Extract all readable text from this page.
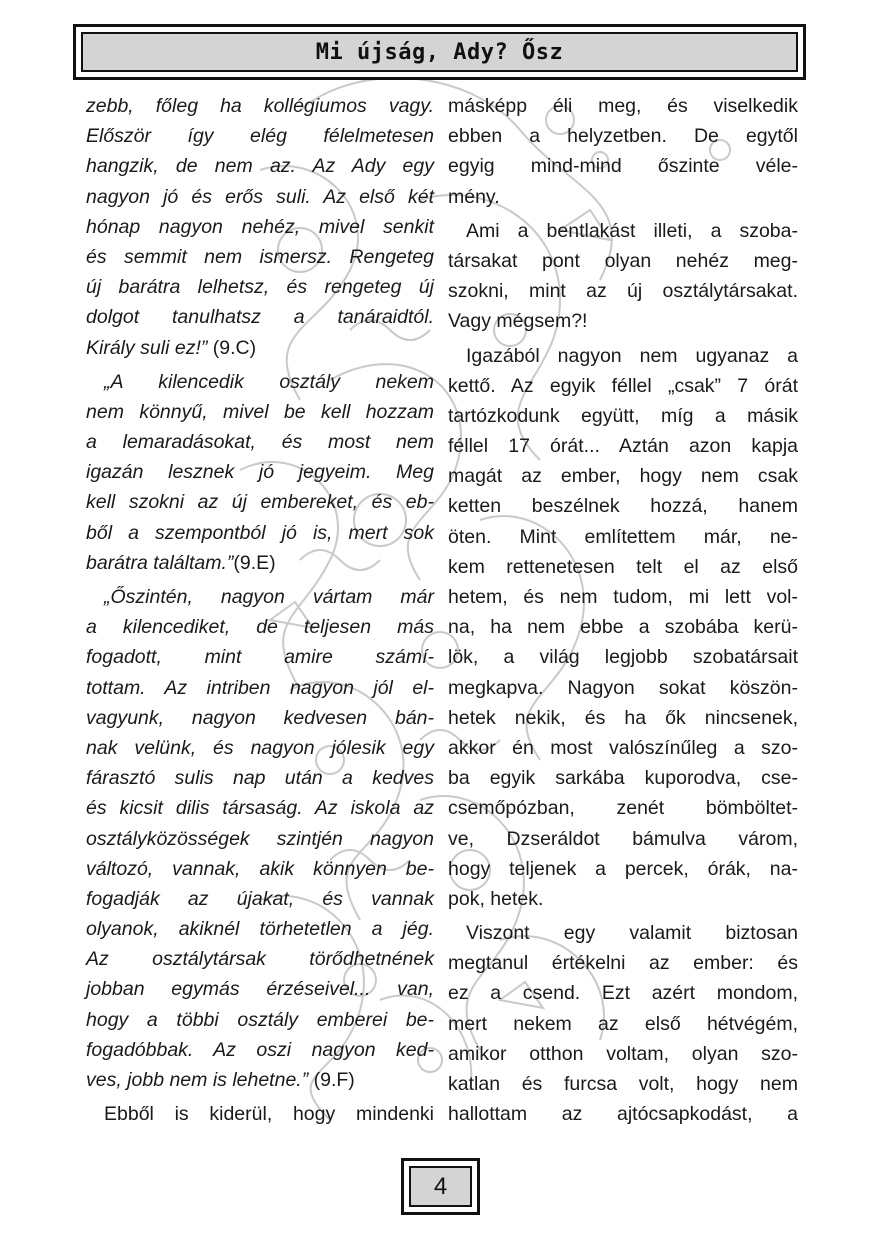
Mi újság, Ady? Ősz
zebb, főleg ha kollégiumos vagy.
Először így elég félelmetesen
hangzik, de nem az. Az Ady egy
nagyon jó és erős suli. Az első két
hónap nagyon nehéz, mivel senkit
és semmit nem ismersz. Rengeteg
új barátra lelhetsz, és rengeteg új
dolgot tanulhatsz a tanáraidtól.
Király suli ez!” (9.C)
„A kilencedik osztály nekem
nem könnyű, mivel be kell hozzam
a lemaradásokat, és most nem
igazán lesznek jó jegyeim. Meg
kell szokni az új embereket, és eb-
ből a szempontból jó is, mert sok
barátra találtam.”(9.E)
„Őszintén, nagyon vártam már
a kilencediket, de teljesen más
fogadott, mint amire számí-
tottam. Az intriben nagyon jól el-
vagyunk, nagyon kedvesen bán-
nak velünk, és nagyon jólesik egy
fárasztó sulis nap után a kedves
és kicsit dilis társaság. Az iskola az
osztályközösségek szintjén nagyon
változó, vannak, akik könnyen be-
fogadják az újakat, és vannak
olyanok, akiknél törhetetlen a jég.
Az osztálytársak törődhetnének
jobban egymás érzéseivel... van,
hogy a többi osztály emberei be-
fogadóbbak. Az oszi nagyon ked-
ves, jobb nem is lehetne.” (9.F)
Ebből is kiderül, hogy mindenki
másképp éli meg, és viselkedik
ebben a helyzetben. De egytől
egyig mind-mind őszinte véle-
mény.
Ami a bentlakást illeti, a szoba-
társakat pont olyan nehéz meg-
szokni, mint az új osztálytársakat.
Vagy mégsem?!
Igazából nagyon nem ugyanaz a
kettő. Az egyik féllel „csak” 7 órát
tartózkodunk együtt, míg a másik
féllel 17 órát... Aztán azon kapja
magát az ember, hogy nem csak
ketten beszélnek hozzá, hanem
öten. Mint említettem már, ne-
kem rettenetesen telt el az első
hetem, és nem tudom, mi lett vol-
na, ha nem ebbe a szobába kerü-
lök, a világ legjobb szobatársait
megkapva. Nagyon sokat köszön-
hetek nekik, és ha ők nincsenek,
akkor én most valószínűleg a szo-
ba egyik sarkába kuporodva, cse-
csemőpózban, zenét bömböltet-
ve, Dzseráldot bámulva várom,
hogy teljenek a percek, órák, na-
pok, hetek.
Viszont egy valamit biztosan
megtanul értékelni az ember: és
ez a csend. Ezt azért mondom,
mert nekem az első hétvégém,
amikor otthon voltam, olyan szo-
katlan és furcsa volt, hogy nem
hallottam az ajtócsapkodást, a
4
